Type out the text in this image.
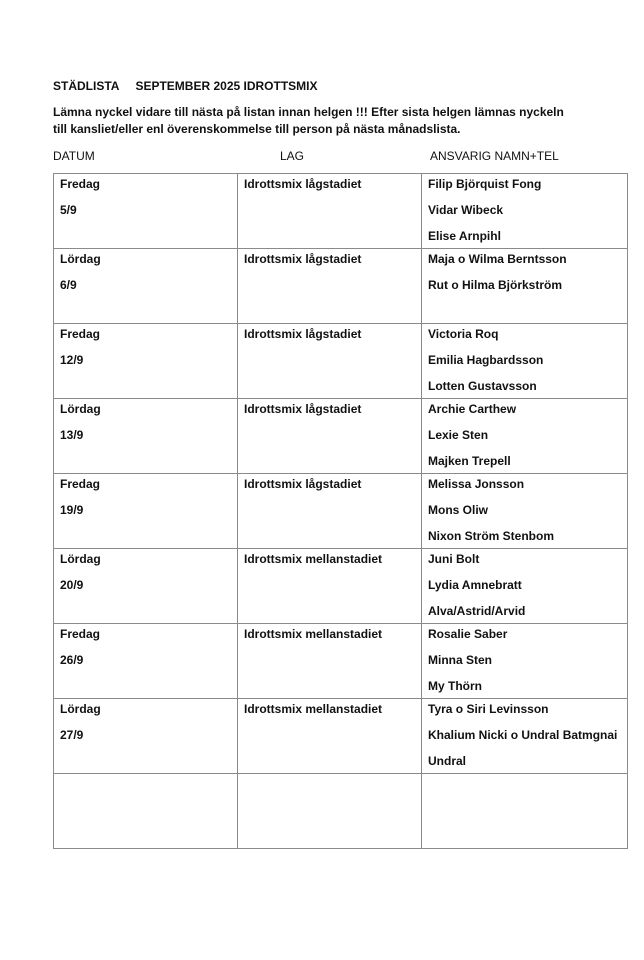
STÄDLISTA SEPTEMBER 2025 IDROTTSMIX
Lämna nyckel vidare till nästa på listan innan helgen !!! Efter sista helgen lämnas nyckeln
till kansliet/eller enl överenskommelse till person på nästa månadslista.
DATUM	LAG	ANSVARIG NAMN+TEL
Fredag
5/9	Idrottsmix lågstadiet	Filip Björquist Fong
Vidar Wibeck
Elise Arnpihl

Lördag
6/9	Idrottsmix lågstadiet	Maja o Wilma Berntsson
Rut o Hilma Björkström

Fredag
12/9	Idrottsmix lågstadiet	Victoria Roq
Emilia Hagbardsson
Lotten Gustavsson

Lördag
13/9	Idrottsmix lågstadiet	Archie Carthew
Lexie Sten
Majken Trepell

Fredag
19/9	Idrottsmix lågstadiet	Melissa Jonsson
Mons Oliw
Nixon Ström Stenbom

Lördag
20/9	Idrottsmix mellanstadiet	Juni Bolt
Lydia Amnebratt
Alva/Astrid/Arvid

Fredag
26/9	Idrottsmix mellanstadiet	Rosalie Saber
Minna Sten
My Thörn

Lördag
27/9	Idrottsmix mellanstadiet	Tyra o Siri Levinsson
Khalium Nicki o Undral Batmgnai
Undral
